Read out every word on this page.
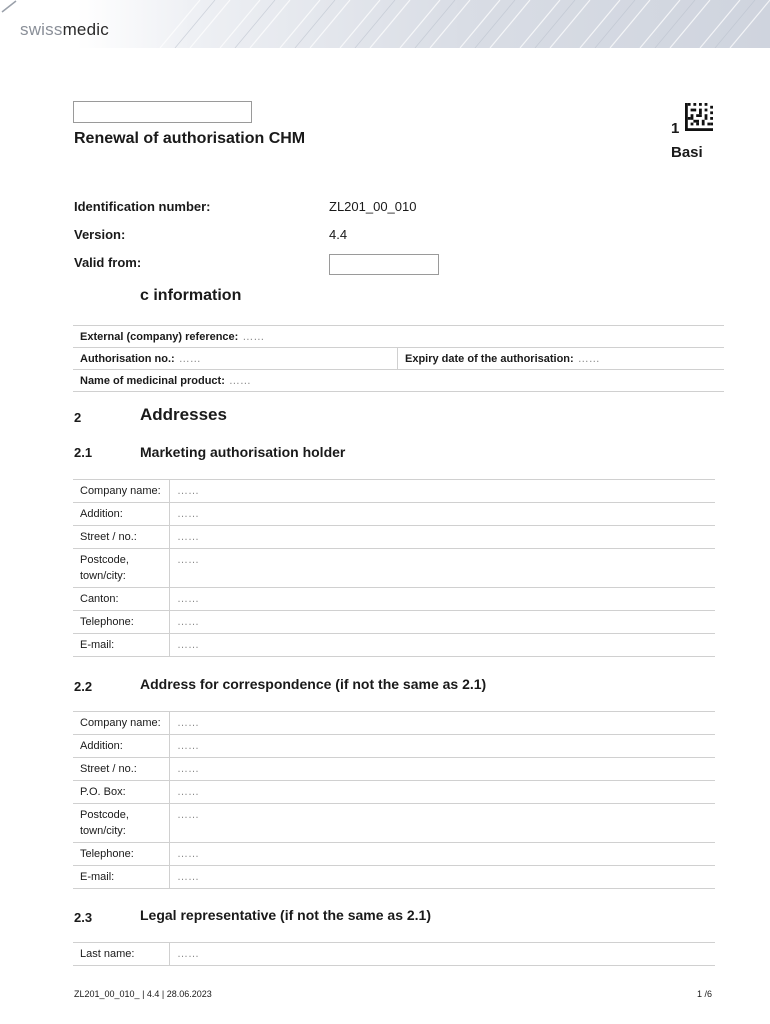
swissmedic
Renewal of authorisation CHM
1
Basi
Identification number:	ZL201_00_010
Version:	4.4
Valid from:
c information
External (company) reference: ……
Authorisation no.: ……	Expiry date of the authorisation: ……
Name of medicinal product: ……
2	Addresses
2.1	Marketing authorisation holder
Company name:	……
Addition:	……
Street / no.:	……
Postcode, town/city:	……
Canton:	……
Telephone:	……
E-mail:	……
2.2	Address for correspondence (if not the same as 2.1)
Company name:	……
Addition:	……
Street / no.:	……
P.O. Box:	……
Postcode, town/city:	……
Telephone:	……
E-mail:	……
2.3	Legal representative (if not the same as 2.1)
Last name:	……
ZL201_00_010_ | 4.4 | 28.06.2023	1 /6
